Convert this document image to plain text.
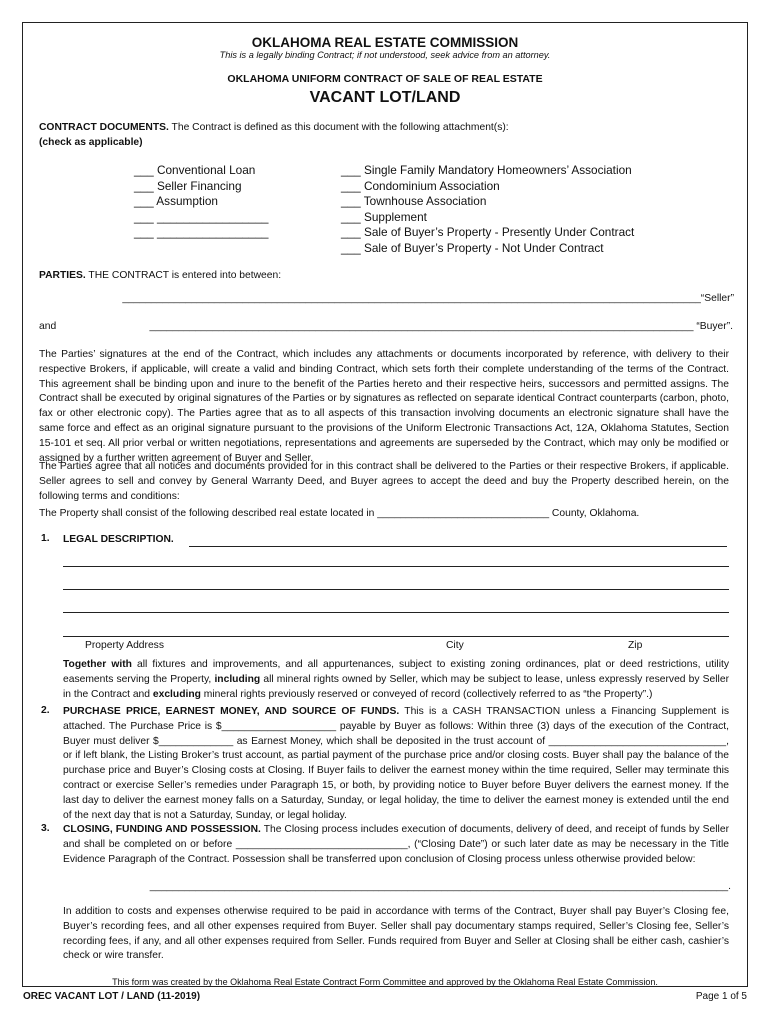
OKLAHOMA REAL ESTATE COMMISSION
This is a legally binding Contract; if not understood, seek advice from an attorney.
OKLAHOMA UNIFORM CONTRACT OF SALE OF REAL ESTATE
VACANT LOT/LAND
CONTRACT DOCUMENTS. The Contract is defined as this document with the following attachment(s):
(check as applicable)
___ Conventional Loan
___ Seller Financing
___ Assumption
___ _________________
___ _________________
___ Single Family Mandatory Homeowners’ Association
___ Condominium Association
___ Townhouse Association
___ Supplement
___ Sale of Buyer’s Property - Presently Under Contract
___ Sale of Buyer’s Property - Not Under Contract
PARTIES. THE CONTRACT is entered into between:
_____________________________________________________________________________________________________“Seller”
and	_______________________________________________________________________________________________ “Buyer”.
The Parties’ signatures at the end of the Contract, which includes any attachments or documents incorporated by reference, with delivery to their respective Brokers, if applicable, will create a valid and binding Contract, which sets forth their complete understanding of the terms of the Contract. This agreement shall be binding upon and inure to the benefit of the Parties hereto and their respective heirs, successors and permitted assigns. The Contract shall be executed by original signatures of the Parties or by signatures as reflected on separate identical Contract counterparts (carbon, photo, fax or other electronic copy). The Parties agree that as to all aspects of this transaction involving documents an electronic signature shall have the same force and effect as an original signature pursuant to the provisions of the Uniform Electronic Transactions Act, 12A, Oklahoma Statutes, Section 15-101 et seq. All prior verbal or written negotiations, representations and agreements are superseded by the Contract, which may only be modified or assigned by a further written agreement of Buyer and Seller.
The Parties agree that all notices and documents provided for in this contract shall be delivered to the Parties or their respective Brokers, if applicable. Seller agrees to sell and convey by General Warranty Deed, and Buyer agrees to accept the deed and buy the Property described herein, on the following terms and conditions:
The Property shall consist of the following described real estate located in ______________________________ County, Oklahoma.
1. LEGAL DESCRIPTION.
Property Address	City	Zip
Together with all fixtures and improvements, and all appurtenances, subject to existing zoning ordinances, plat or deed restrictions, utility easements serving the Property, including all mineral rights owned by Seller, which may be subject to lease, unless expressly reserved by Seller in the Contract and excluding mineral rights previously reserved or conveyed of record (collectively referred to as “the Property”.)
2. PURCHASE PRICE, EARNEST MONEY, AND SOURCE OF FUNDS. This is a CASH TRANSACTION unless a Financing Supplement is attached. The Purchase Price is $____________________ payable by Buyer as follows: Within three (3) days of the execution of the Contract, Buyer must deliver $_____________ as Earnest Money, which shall be deposited in the trust account of _______________________________, or if left blank, the Listing Broker’s trust account, as partial payment of the purchase price and/or closing costs. Buyer shall pay the balance of the purchase price and Buyer’s Closing costs at Closing. If Buyer fails to deliver the earnest money within the time required, Seller may terminate this contract or exercise Seller’s remedies under Paragraph 15, or both, by providing notice to Buyer before Buyer delivers the earnest money. If the last day to deliver the earnest money falls on a Saturday, Sunday, or legal holiday, the time to deliver the earnest money is extended until the end of the next day that is not a Saturday, Sunday, or legal holiday.
3. CLOSING, FUNDING AND POSSESSION. The Closing process includes execution of documents, delivery of deed, and receipt of funds by Seller and shall be completed on or before ______________________________, (“Closing Date”) or such later date as may be necessary in the Title Evidence Paragraph of the Contract. Possession shall be transferred upon conclusion of Closing process unless otherwise provided below:
_____________________________________________________________________________________________________.
In addition to costs and expenses otherwise required to be paid in accordance with terms of the Contract, Buyer shall pay Buyer’s Closing fee, Buyer’s recording fees, and all other expenses required from Buyer. Seller shall pay documentary stamps required, Seller’s Closing fee, Seller’s recording fees, if any, and all other expenses required from Seller. Funds required from Buyer and Seller at Closing shall be either cash, cashier’s check or wire transfer.
This form was created by the Oklahoma Real Estate Contract Form Committee and approved by the Oklahoma Real Estate Commission.
OREC VACANT LOT / LAND (11-2019)	Page 1 of 5
